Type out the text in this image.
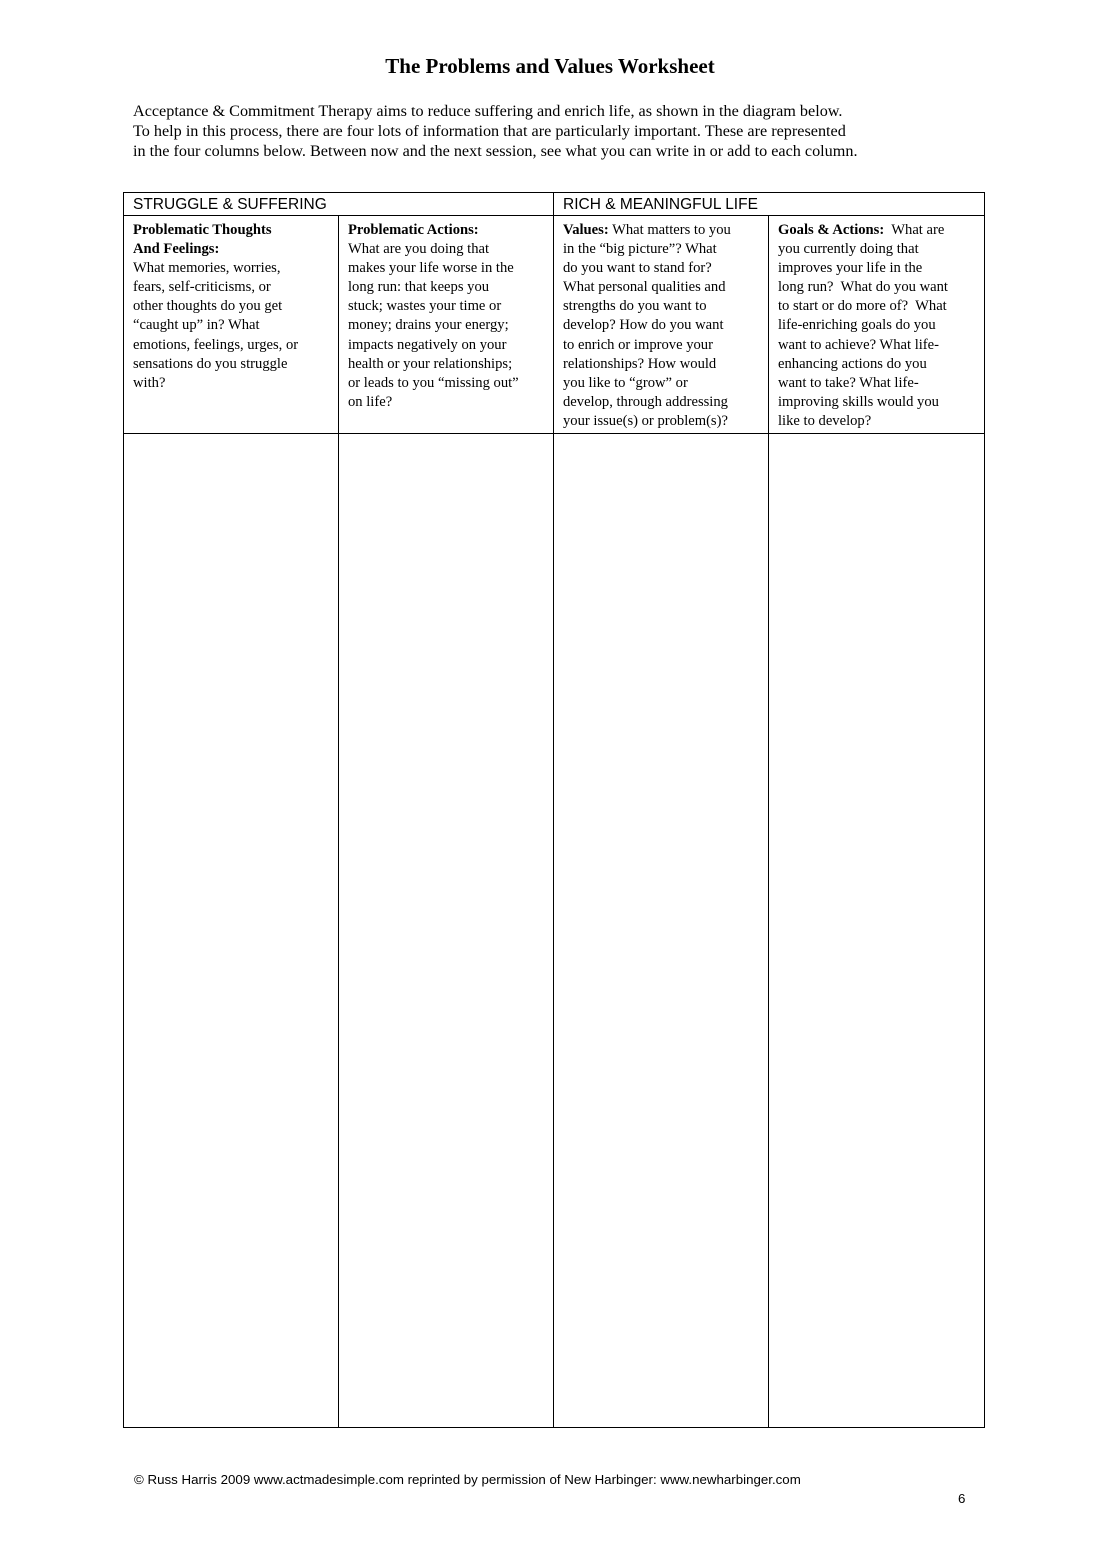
The Problems and Values Worksheet
Acceptance & Commitment Therapy aims to reduce suffering and enrich life, as shown in the diagram below.
To help in this process, there are four lots of information that are particularly important. These are represented
in the four columns below. Between now and the next session, see what you can write in or add to each column.
STRUGGLE & SUFFERING	RICH & MEANINGFUL LIFE
Problematic Thoughts
And Feelings:
What memories, worries,
fears, self-criticisms, or
other thoughts do you get
“caught up” in? What
emotions, feelings, urges, or
sensations do you struggle
with?
Problematic Actions:
What are you doing that
makes your life worse in the
long run: that keeps you
stuck; wastes your time or
money; drains your energy;
impacts negatively on your
health or your relationships;
or leads to you “missing out”
on life?
Values: What matters to you
in the “big picture”? What
do you want to stand for?
What personal qualities and
strengths do you want to
develop? How do you want
to enrich or improve your
relationships? How would
you like to “grow” or
develop, through addressing
your issue(s) or problem(s)?
Goals & Actions:  What are
you currently doing that
improves your life in the
long run?  What do you want
to start or do more of?  What
life-enriching goals do you
want to achieve? What life-
enhancing actions do you
want to take? What life-
improving skills would you
like to develop?
© Russ Harris 2009 www.actmadesimple.com reprinted by permission of New Harbinger: www.newharbinger.com
6
